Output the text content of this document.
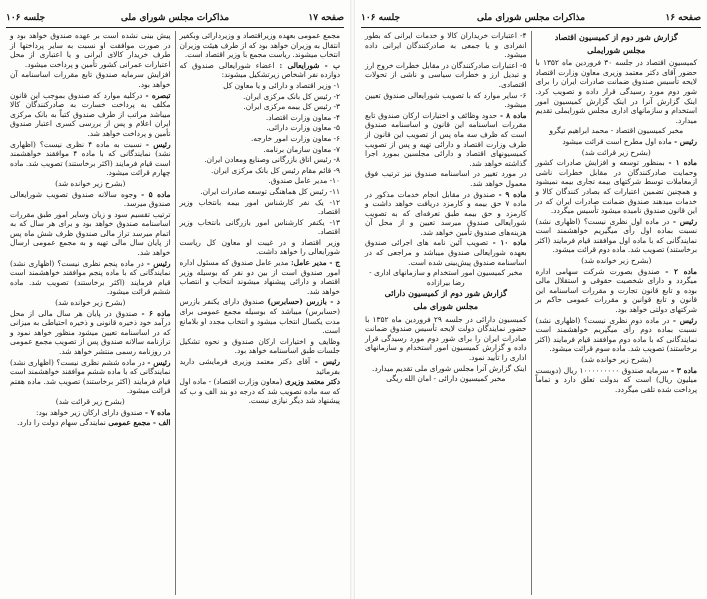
صفحه ۱۷
مذاکرات مجلس شورای ملی
جلسه ۱۰۶
مجمع عمومی بعهده وزیراقتصاد و وزیردارائی وبکفیر انتقال به وزیران خواهد بود که از طرف هیئت وزیران انتخاب میشوند. ریاست مجمع با وزیر اقتصاد است.
ب - شورایعالی : اعضاء شورایعالی صندوق که دوازده نفر اشخاص زیرتشکیل میشوند:
۱- وزیر اقتصاد و دارائی و یا معاون کل
۲- رئیس کل بانک مرکزی ایران.
۳- رئیس کل بیمه مرکزی ایران.
۴- معاون وزارت اقتصاد.
۵- معاون وزارت دارائی.
۶- معاون وزارت امور خارجه.
۷- معاون سازمان برنامه.
۸- رئیس اتاق بازرگانی وصنایع ومعادن ایران.
۹- قائم مقام رئیس کل بانک مرکزی ایران.
۱۰- مدیر عامل صندوق.
۱۱- رئیس کل هماهنگی توسعه صادرات ایران.
۱۲- یک نفر کارشناس امور بیمه بانتخاب وزیر اقتصاد.
۱۳- یکنفر کارشناس امور بازرگانی بانتخاب وزیر اقتصاد.
وزیر اقتصاد و در غیبت او معاون کل ریاست شورایعالی را خواهد داشت.
ج - مدیر عامل: مدیر عامل صندوق که مسئول اداره امور صندوق است از بین دو نفر که بوسیله وزیر اقتصاد و دارائی پیشنهاد میشوند انتخاب و انتصاب خواهد شد.
د - بازرس (حسابرس) صندوق دارای یکنفر بازرس (حسابرس) میباشد که بوسیله مجمع عمومی برای مدت یکسال انتخاب میشود و انتخاب مجدد او بلامانع است.
وظایف و اختیارات ارکان صندوق و نحوه تشکیل جلسات طبق اساسنامه خواهد بود.
رئیس - آقای دکتر معتمد وزیری فرمایشی دارید بفرمائید
دکتر معتمد وزیری (معاون وزارت اقتصاد) - ماده اول که سه ماده تصویب شد که درجه دو بند الف و ب که پیشنهاد شد دیگر نیازی نیست.
پیش بینی نشده است بر عهده صندوق خواهد بود و در صورت موافقت او نسبت به سایر پرداختها از طرف خریدار کالای ایرانی و یا اعتباری از محل اعتبارات عمرانی کشور تأمین و پرداخت میشود.
افزایش سرمایه صندوق تابع مقررات اساسنامه آن خواهد بود.
تبصره - درکلیه موارد که صندوق بموجب این قانون مکلف به پرداخت خسارت به صادرکنندگان کالا میباشد مراتب از طرف صندوق کتباً به بانک مرکزی ایران اعلام و پس از بررسی کسری اعتبار صندوق تأمین و پرداخت خواهد شد.
رئیس - نسبت به ماده ۴ نظری نیست؟ (اظهاری نشد) نمایندگانی که با ماده ۴ موافقند خواهشمند است قیام فرمایند (اکثر برخاستند) تصویب شد. ماده چهارم قرائت میشود.
(بشرح زیر خوانده شد)
ماده ۵ - وجوه سالانه صندوق تصویب شورایعالی صندوق میرسد.
ترتیب تقسیم سود و زیان وسایر امور طبق مقررات اساسنامه صندوق خواهد بود و برای هر سال که به اتمام میرسد تراز مالی صندوق ظرف شش ماه پس از پایان سال مالی تهیه و به مجمع عمومی ارسال خواهد شد.
رئیس - در ماده پنجم نظری نیست؟ (اظهاری نشد) نمایندگانی که با ماده پنجم موافقند خواهشمند است قیام فرمایند (اکثر برخاستند) تصویب شد. ماده ششم قرائت میشود.
(بشرح زیر خوانده شد)
ماده ۶ - صندوق در پایان هر سال مالی از محل درآمد خود ذخیره قانونی و ذخیره احتیاطی به میزانی که در اساسنامه تعیین میشود منظور خواهد نمود و ترازنامه سالانه صندوق پس از تصویب مجمع عمومی در روزنامه رسمی منتشر خواهد شد.
رئیس - در ماده ششم نظری نیست؟ (اظهاری نشد) نمایندگانی که با ماده ششم موافقند خواهشمند است قیام فرمایند (اکثر برخاستند) تصویب شد. ماده هفتم قرائت میشود.
(بشرح زیر قرائت شد)
ماده ۷ - صندوق دارای ارکان زیر خواهد بود:
الف - مجمع عمومی نمایندگی سهام دولت را دارد.
صفحه ۱۶
مذاکرات مجلس شورای ملی
جلسه ۱۰۶
گزارش شور دوم از کمیسیون اقتصاد
مجلس شورایملی
کمیسیون اقتصاد در جلسه ۳۰ فروردین ماه ۱۳۵۲ با حضور آقای دکتر معتمد وزیری معاون وزارت اقتصاد لایحه تأسیس صندوق ضمانت صادرات ایران را برای شور دوم مورد رسیدگی قرار داده و تصویب کرد. اینک گزارش آنرا در اینک گزارش کمیسیون امور استخدام و سازمانهای اداری مجلس شورایملی تقدیم میدارد.
مخبر کمیسیون اقتصاد - محمد ابراهیم تیگرو
رئیس - ماده اول مطرح است قرائت میشود
(بشرح زیر قرائت شد)
ماده ۱ - بمنظور توسعه و افزایش صادرات کشور وحمایت صادرکنندگان در مقابل خطرات ناشی ازمعاملات توسط شرکتهای بیمه تجاری بیمه نمیشود و همچنین تضمین اعتبارات که بصادر کنندگان کالا و خدمات میدهند صندوق ضمانت صادرات ایران که در این قانون صندوق نامیده میشود تأسیس میگردد.
رئیس - در ماده اول نظری نیست؟ (اظهاری نشد) نسبت بماده اول رأی میگیریم خواهشمند است نمایندگانی که با ماده اول موافقند قیام فرمایند (اکثر برخاستند) تصویب شد. ماده دوم قرائت میشود.
(بشرح زیر خوانده شد)
ماده ۲ - صندوق بصورت شرکت سهامی اداره میگردد و دارای شخصیت حقوقی و استقلال مالی بوده و تابع قانون تجارت و مقررات اساسنامه این قانون و تابع قوانین و مقررات عمومی حاکم بر شرکتهای دولتی خواهد بود.
رئیس - در ماده دوم نظری نیست؟ (اظهاری نشد) نسبت بماده دوم رأی میگیریم خواهشمند است نمایندگانی که با ماده دوم موافقند قیام فرمایند (اکثر برخاستند) تصویب شد. ماده سوم قرائت میشود.
(بشرح زیر خوانده شد)
ماده ۳ - سرمایه صندوق ۱۰۰۰۰۰۰۰۰۰ ریال (دویست میلیون ریال) است که بدولت تعلق دارد و تماماً پرداخت شده تلقی میگردد.
۴- اعتبارات خریداران کالا و خدمات ایرانی که بطور انفرادی و یا جمعی به صادرکنندگان ایرانی داده میشود.
۵- اعتبارات صادرکنندگان در مقابل خطرات خروج ارز و تبدیل ارز و خطرات سیاسی و ناشی از تحولات اقتصادی.
۶- سایر موارد که با تصویب شورایعالی صندوق تعیین میشود.
ماده ۸ - حدود وظائف و اختیارات ارکان صندوق تابع مقررات اساسنامه این قانون و اساسنامه صندوق است که ظرف سه ماه پس از تصویب این قانون از طرف وزارت اقتصاد و دارائی تهیه و پس از تصویب کمیسیونهای اقتصاد و دارائی مجلسین بمورد اجرا گذاشته خواهد شد.
در مورد تغییر در اساسنامه صندوق نیز ترتیب فوق معمول خواهد شد.
ماده ۹ - صندوق در مقابل انجام خدمات مذکور در ماده ۷ حق بیمه و کارمزد دریافت خواهد داشت و کارمزد و حق بیمه طبق تعرفه‌ای که به تصویب شورایعالی صندوق میرسد تعیین و از محل آن هزینه‌های صندوق تأمین خواهد شد.
ماده ۱۰ - تصویب آئین نامه های اجرائی صندوق بعهده شورایعالی صندوق میباشد و مراجعی که در اساسنامه صندوق پیش‌بینی شده است.
مخبر کمیسیون امور استخدام و سازمانهای اداری - رضا بیرازاده
گزارش شور دوم از کمیسیون دارائی
مجلس شورای ملی
کمیسیون دارائی در جلسه ۲۹ فروردین ماه ۱۳۵۲ با حضور نمایندگان دولت لایحه تأسیس صندوق ضمانت صادرات ایران را برای شور دوم مورد رسیدگی قرار داده و گزارش کمیسیون امور استخدام و سازمانهای اداری را تأیید نمود.
اینک گزارش آنرا مجلس شورای ملی تقدیم میدارد.
مخبر کمیسیون دارائی - امان الله ریگی
